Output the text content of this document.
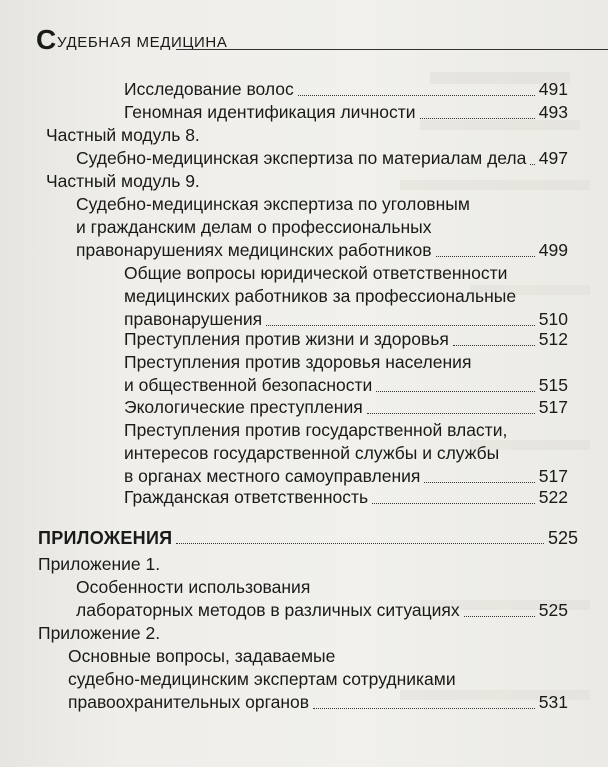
С УДЕБНАЯ МЕДИЦИНА
Исследование волос	491
Геномная идентификация личности	493
Частный модуль 8.
Судебно-медицинская экспертиза по материалам дела 497
Частный модуль 9.
Судебно-медицинская экспертиза по уголовным
и гражданским делам о профессиональных
правонарушениях медицинских работников	499
Общие вопросы юридической ответственности
медицинских работников за профессиональные
правонарушения	510
Преступления против жизни и здоровья	512
Преступления против здоровья населения
и общественной безопасности	515
Экологические преступления	517
Преступления против государственной власти,
интересов государственной службы и службы
в органах местного самоуправления	517
Гражданская ответственность	522
ПРИЛОЖЕНИЯ	525
Приложение 1.
Особенности использования
лабораторных методов в различных ситуациях	525
Приложение 2.
Основные вопросы, задаваемые
судебно-медицинским экспертам сотрудниками
правоохранительных органов	531
